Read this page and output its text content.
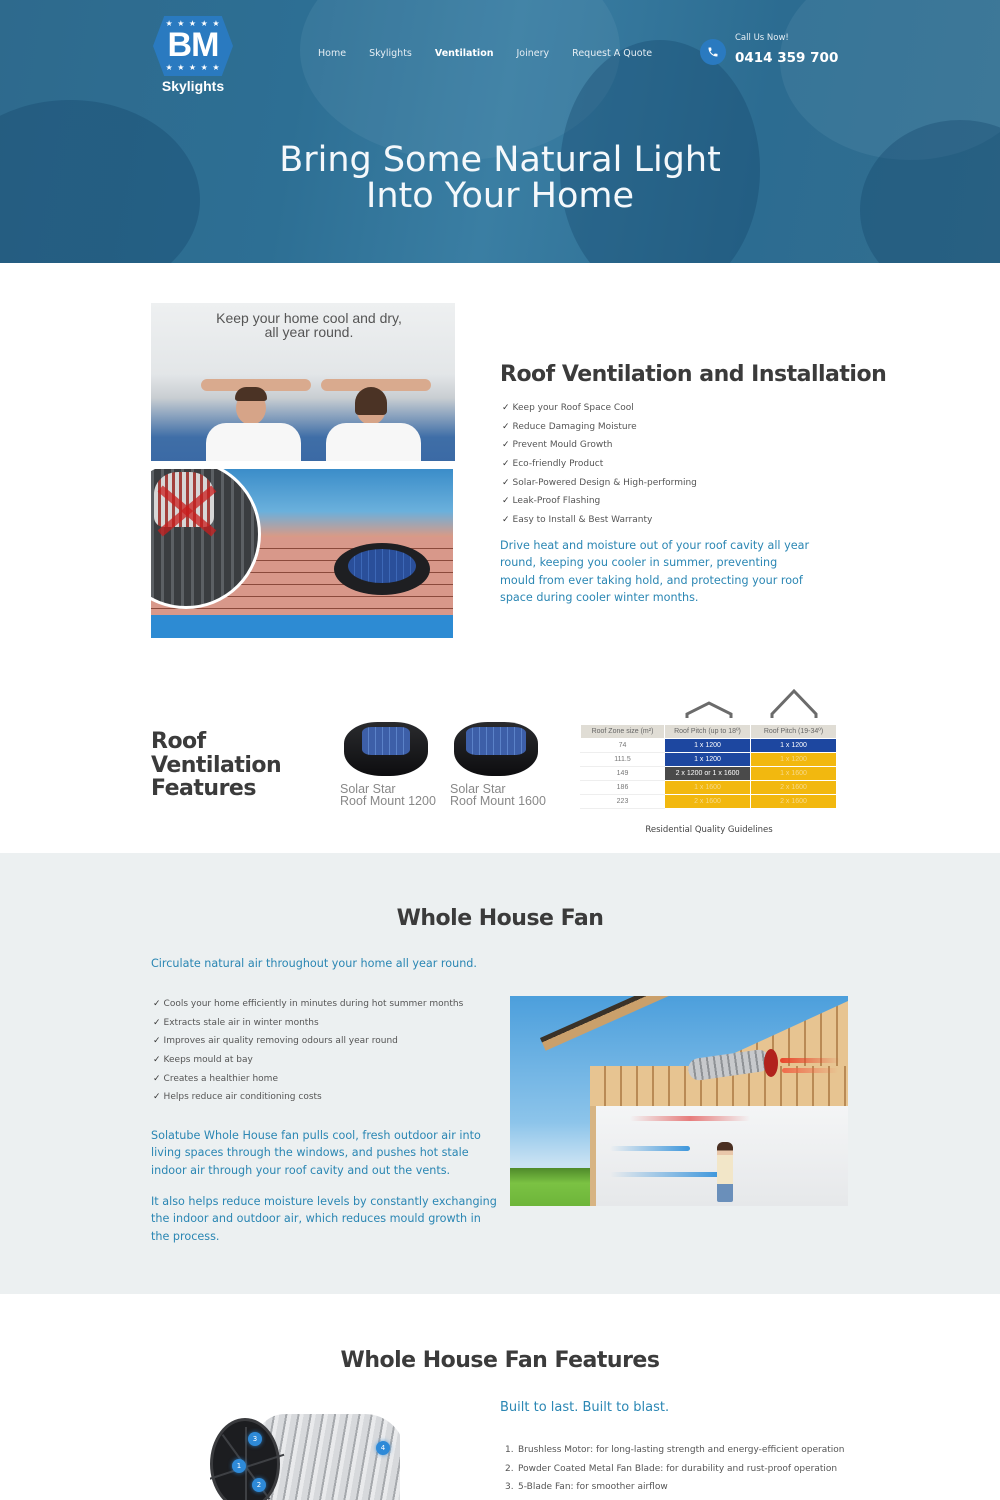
★ ★ ★ ★ ★
BM
★ ★ ★ ★ ★
Skylights
Home Skylights Ventilation Joinery Request A Quote
Call Us Now!
0414 359 700
Bring Some Natural Light
Into Your Home
Keep your home cool and dry,
all year round.
Roof Ventilation and Installation
✓ Keep your Roof Space Cool
✓ Reduce Damaging Moisture
✓ Prevent Mould Growth
✓ Eco-friendly Product
✓ Solar-Powered Design & High-performing
✓ Leak-Proof Flashing
✓ Easy to Install & Best Warranty

Drive heat and moisture out of your roof cavity all year round, keeping you cooler in summer, preventing mould from ever taking hold, and protecting your roof space during cooler winter months.

Roof
Ventilation
Features	Solar Star
Roof Mount 1200
Solar Star
Roof Mount 1600
Roof Zone size (m²)	Roof Pitch (up to 18º)	Roof Pitch (19-34º)
74	1 x 1200	1 x 1200
111.5	1 x 1200	1 x 1200
149	2 x 1200 or 1 x 1600	1 x 1600
186	1 x 1600	2 x 1600
223	2 x 1600	2 x 1600
Residential Quality Guidelines
Whole House Fan

Circulate natural air throughout your home all year round.

✓ Cools your home efficiently in minutes during hot summer months
✓ Extracts stale air in winter months
✓ Improves air quality removing odours all year round
✓ Keeps mould at bay
✓ Creates a healthier home
✓ Helps reduce air conditioning costs

Solatube Whole House fan pulls cool, fresh outdoor air into living spaces through the windows, and pushes hot stale indoor air through your roof cavity and out the vents.

It also helps reduce moisture levels by constantly exchanging the indoor and outdoor air, which reduces mould growth in the process.

Whole House Fan Features

Built to last. Built to blast.

1. Brushless Motor: for long-lasting strength and energy-efficient operation
2. Powder Coated Metal Fan Blade: for durability and rust-proof operation
3. 5-Blade Fan: for smoother airflow
3
1
2
4
